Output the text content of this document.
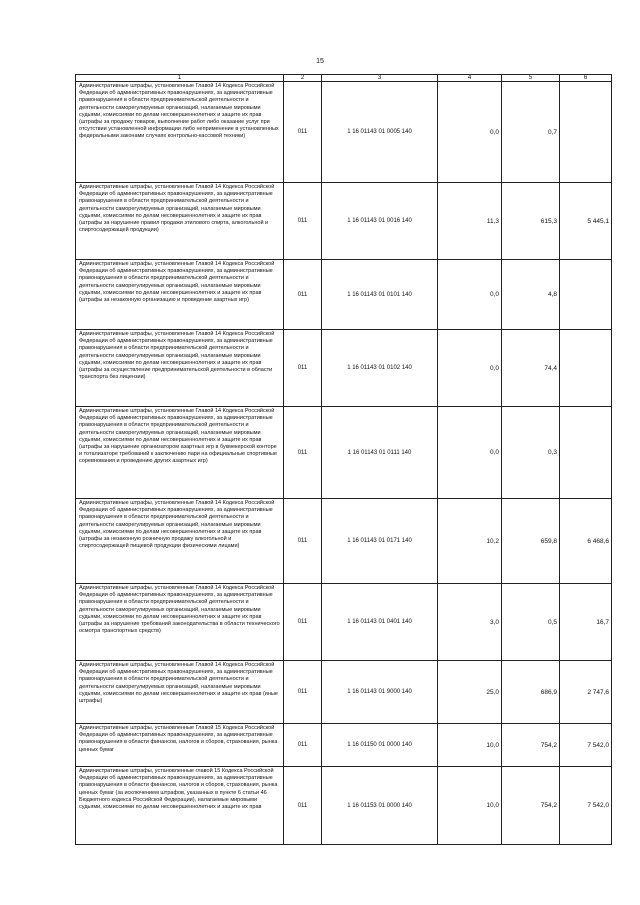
15
1	2	3	4	5	6
Административные штрафы, установленные Главой 14 Кодекса Российской Федерации об административных правонарушениях, за административные правонарушения в области предпринимательской деятельности и деятельности саморегулируемых организаций, налагаемые мировыми судьями, комиссиями по делам несовершеннолетних и защите их прав (штрафы за продажу товаров, выполнение работ либо оказание услуг при отсутствии установленной информации либо неприменение в установленных федеральными законами случаях контрольно-кассовой техники)	011	1 16 01143 01 0005 140	0,0	0,7	
Административные штрафы, установленные Главой 14 Кодекса Российской Федерации об административных правонарушениях, за административные правонарушения в области предпринимательской деятельности и деятельности саморегулируемых организаций, налагаемые мировыми судьями, комиссиями по делам несовершеннолетних и защите их прав (штрафы за нарушение правил продажи этилового спирта, алкогольной и спиртосодержащей продукции)	011	1 16 01143 01 0016 140	11,3	615,3	5 445,1
Административные штрафы, установленные Главой 14 Кодекса Российской Федерации об административных правонарушениях, за административные правонарушения в области предпринимательской деятельности и деятельности саморегулируемых организаций, налагаемые мировыми судьями, комиссиями по делам несовершеннолетних и защите их прав (штрафы за незаконную организацию и проведение азартных игр)	011	1 16 01143 01 0101 140	0,0	4,8	
Административные штрафы, установленные Главой 14 Кодекса Российской Федерации об административных правонарушениях, за административные правонарушения в области предпринимательской деятельности и деятельности саморегулируемых организаций, налагаемые мировыми судьями, комиссиями по делам несовершеннолетних и защите их прав (штрафы за осуществление предпринимательской деятельности в области транспорта без лицензии)	011	1 16 01143 01 0102 140	0,0	74,4	
Административные штрафы, установленные Главой 14 Кодекса Российской Федерации об административных правонарушениях, за административные правонарушения в области предпринимательской деятельности и деятельности саморегулируемых организаций, налагаемые мировыми судьями, комиссиями по делам несовершеннолетних и защите их прав (штрафы за нарушение организатором азартных игр в букмекерской конторе и тотализаторе требований к заключению пари на официальные спортивные соревнования и проведению других азартных игр)	011	1 16 01143 01 0111 140	0,0	0,3	
Административные штрафы, установленные Главой 14 Кодекса Российской Федерации об административных правонарушениях, за административные правонарушения в области предпринимательской деятельности и деятельности саморегулируемых организаций, налагаемые мировыми судьями, комиссиями по делам несовершеннолетних и защите их прав (штрафы за незаконную розничную продажу алкогольной и спиртосодержащей пищевой продукции физическими лицами)	011	1 16 01143 01 0171 140	10,2	659,8	6 468,6
Административные штрафы, установленные Главой 14 Кодекса Российской Федерации об административных правонарушениях, за административные правонарушения в области предпринимательской деятельности и деятельности саморегулируемых организаций, налагаемые мировыми судьями, комиссиями по делам несовершеннолетних и защите их прав (штрафы за нарушение требований законодательства в области технического осмотра транспортных средств)	011	1 16 01143 01 0401 140	3,0	0,5	16,7
Административные штрафы, установленные Главой 14 Кодекса Российской Федерации об административных правонарушениях, за административные правонарушения в области предпринимательской деятельности и деятельности саморегулируемых организаций, налагаемые мировыми судьями, комиссиями по делам несовершеннолетних и защите их прав (иные штрафы)	011	1 16 01143 01 9000 140	25,0	686,9	2 747,6
Административные штрафы, установленные Главой 15 Кодекса Российской Федерации об административных правонарушениях, за административные правонарушения в области финансов, налогов и сборов, страхования, рынка ценных бумаг	011	1 16 01150 01 0000 140	10,0	754,2	7 542,0
Административные штрафы, установленные главой 15 Кодекса Российской Федерации об административных правонарушениях, за административные правонарушения в области финансов, налогов и сборов, страхования, рынка ценных бумаг (за исключением штрафов, указанных в пункте 6 статьи 46 Бюджетного кодекса Российской Федерации), налагаемые мировыми судьями, комиссиями по делам несовершеннолетних и защите их прав	011	1 16 01153 01 0000 140	10,0	754,2	7 542,0
